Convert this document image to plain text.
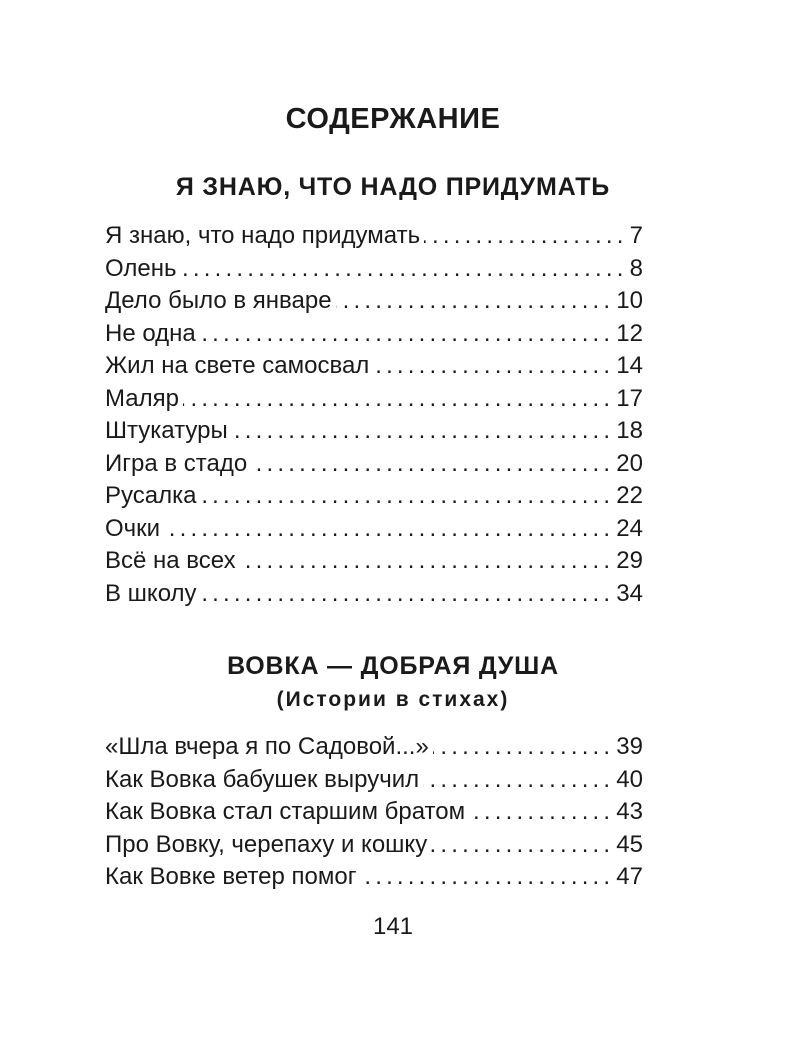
СОДЕРЖАНИЕ
Я ЗНАЮ, ЧТО НАДО ПРИДУМАТЬ
Я знаю, что надо придумать .....	7
Олень .....	8
Дело было в январе .....	10
Не одна .....	12
Жил на свете самосвал .....	14
Маляр .....	17
Штукатуры .....	18
Игра в стадо .....	20
Русалка .....	22
Очки .....	24
Всё на всех .....	29
В школу .....	34
ВОВКА — ДОБРАЯ ДУША

(Истории в стихах)

«Шла вчера я по Садовой...» .....	39
Как Вовка бабушек выручил .....	40
Как Вовка стал старшим братом .....	43
Про Вовку, черепаху и кошку .....	45
Как Вовке ветер помог .....	47

141
